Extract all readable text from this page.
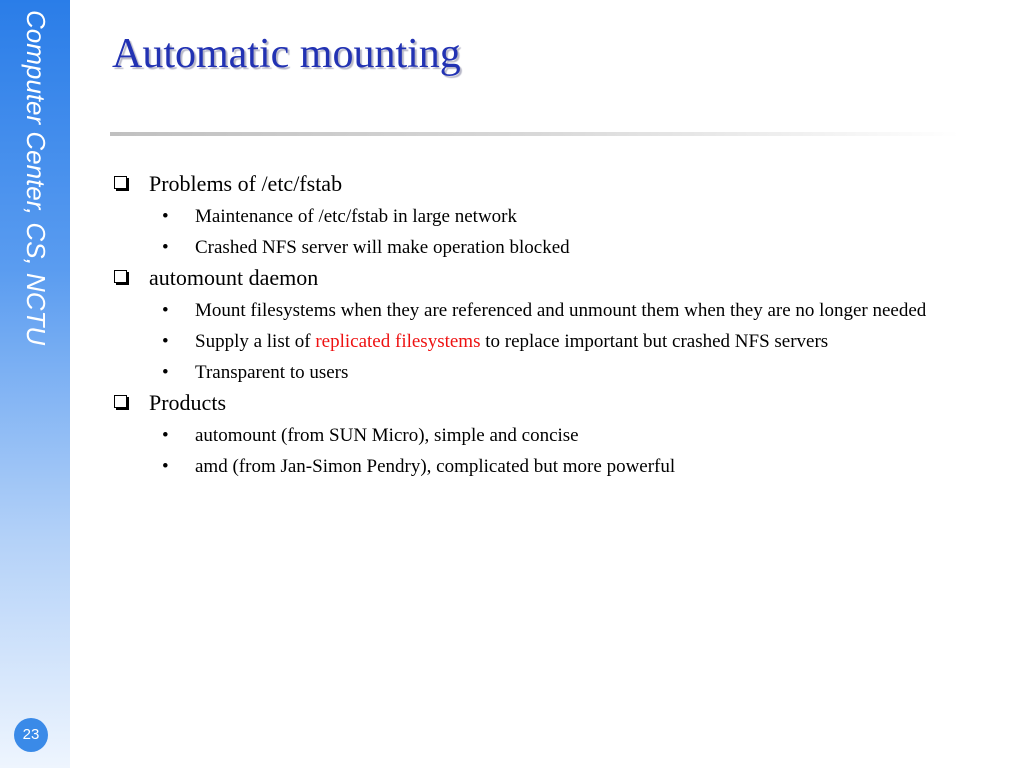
Computer Center, CS, NCTU
23
Automatic mounting
Problems of /etc/fstab
• Maintenance of /etc/fstab in large network
• Crashed NFS server will make operation blocked
automount daemon
• Mount filesystems when they are referenced and unmount them when they are no longer needed
• Supply a list of replicated filesystems to replace important but crashed NFS servers
• Transparent to users
Products
• automount (from SUN Micro), simple and concise
• amd (from Jan-Simon Pendry), complicated but more powerful
